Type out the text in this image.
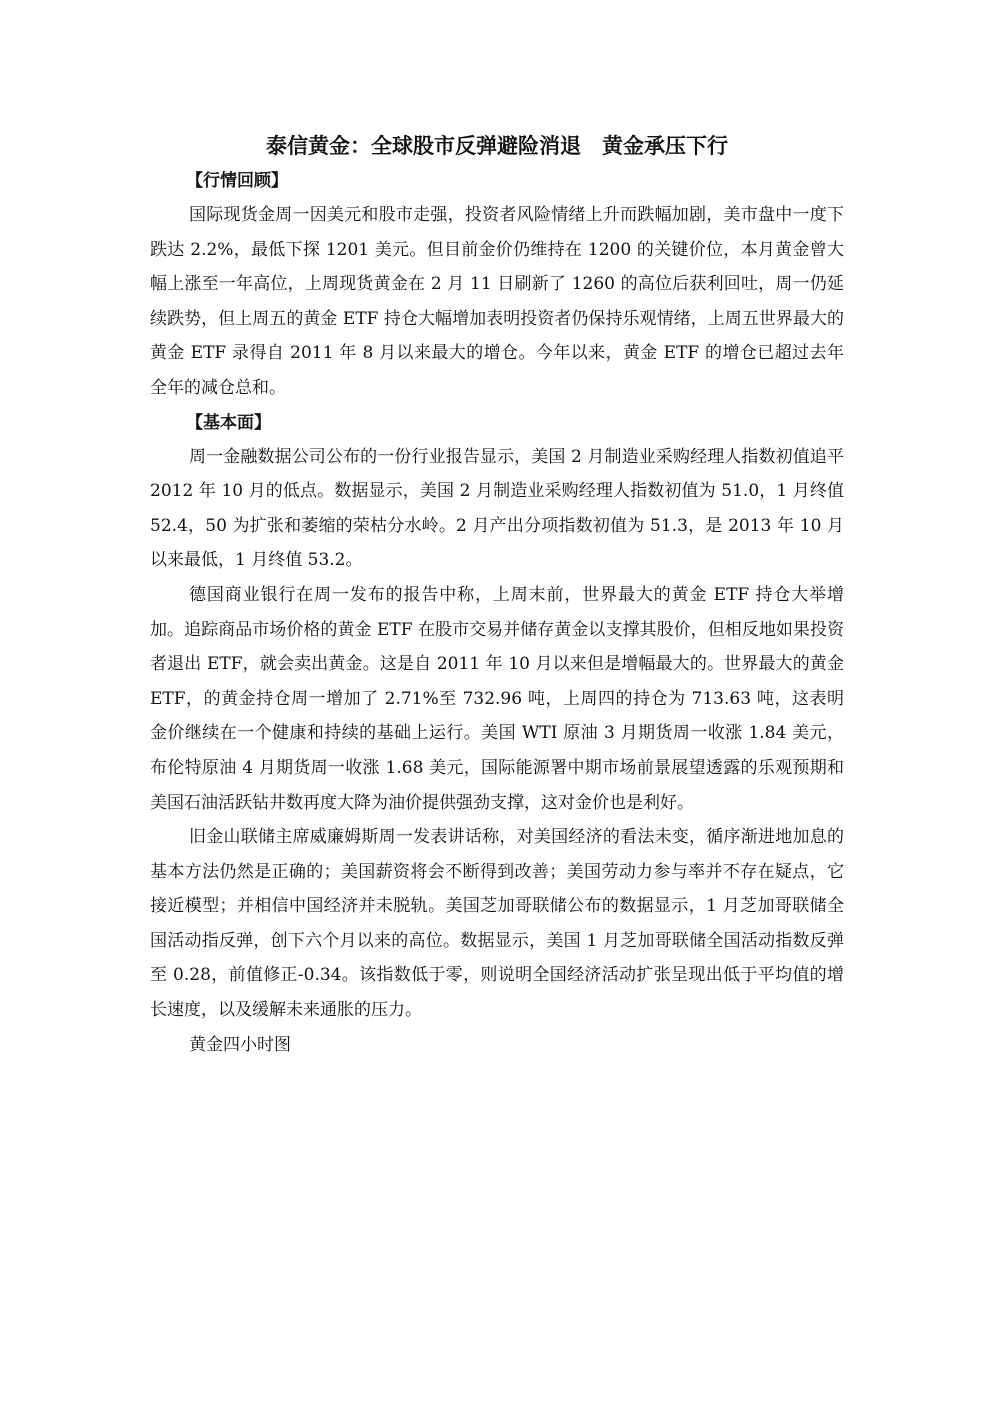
泰信黄金：全球股市反弹避险消退　黄金承压下行

【行情回顾】

国际现货金周一因美元和股市走强，投资者风险情绪上升而跌幅加剧，美市盘中一度下跌达 2.2%，最低下探 1201 美元。但目前金价仍维持在 1200 的关键价位，本月黄金曾大幅上涨至一年高位，上周现货黄金在 2 月 11 日刷新了 1260 的高位后获利回吐，周一仍延续跌势，但上周五的黄金 ETF 持仓大幅增加表明投资者仍保持乐观情绪，上周五世界最大的黄金 ETF 录得自 2011 年 8 月以来最大的增仓。今年以来，黄金 ETF 的增仓已超过去年全年的减仓总和。

【基本面】

周一金融数据公司公布的一份行业报告显示，美国 2 月制造业采购经理人指数初值追平 2012 年 10 月的低点。数据显示，美国 2 月制造业采购经理人指数初值为 51.0，1 月终值 52.4，50 为扩张和萎缩的荣枯分水岭。2 月产出分项指数初值为 51.3，是 2013 年 10 月以来最低，1 月终值 53.2。

德国商业银行在周一发布的报告中称，上周末前，世界最大的黄金 ETF 持仓大举增加。追踪商品市场价格的黄金 ETF 在股市交易并储存黄金以支撑其股价，但相反地如果投资者退出 ETF，就会卖出黄金。这是自 2011 年 10 月以来但是增幅最大的。世界最大的黄金 ETF，的黄金持仓周一增加了 2.71%至 732.96 吨，上周四的持仓为 713.63 吨，这表明金价继续在一个健康和持续的基础上运行。美国 WTI 原油 3 月期货周一收涨 1.84 美元，布伦特原油 4 月期货周一收涨 1.68 美元，国际能源署中期市场前景展望透露的乐观预期和美国石油活跃钻井数再度大降为油价提供强劲支撑，这对金价也是利好。

旧金山联储主席威廉姆斯周一发表讲话称，对美国经济的看法未变，循序渐进地加息的基本方法仍然是正确的；美国薪资将会不断得到改善；美国劳动力参与率并不存在疑点，它接近模型；并相信中国经济并未脱轨。美国芝加哥联储公布的数据显示，1 月芝加哥联储全国活动指反弹，创下六个月以来的高位。数据显示，美国 1 月芝加哥联储全国活动指数反弹至 0.28，前值修正-0.34。该指数低于零，则说明全国经济活动扩张呈现出低于平均值的增长速度，以及缓解未来通胀的压力。

黄金四小时图
